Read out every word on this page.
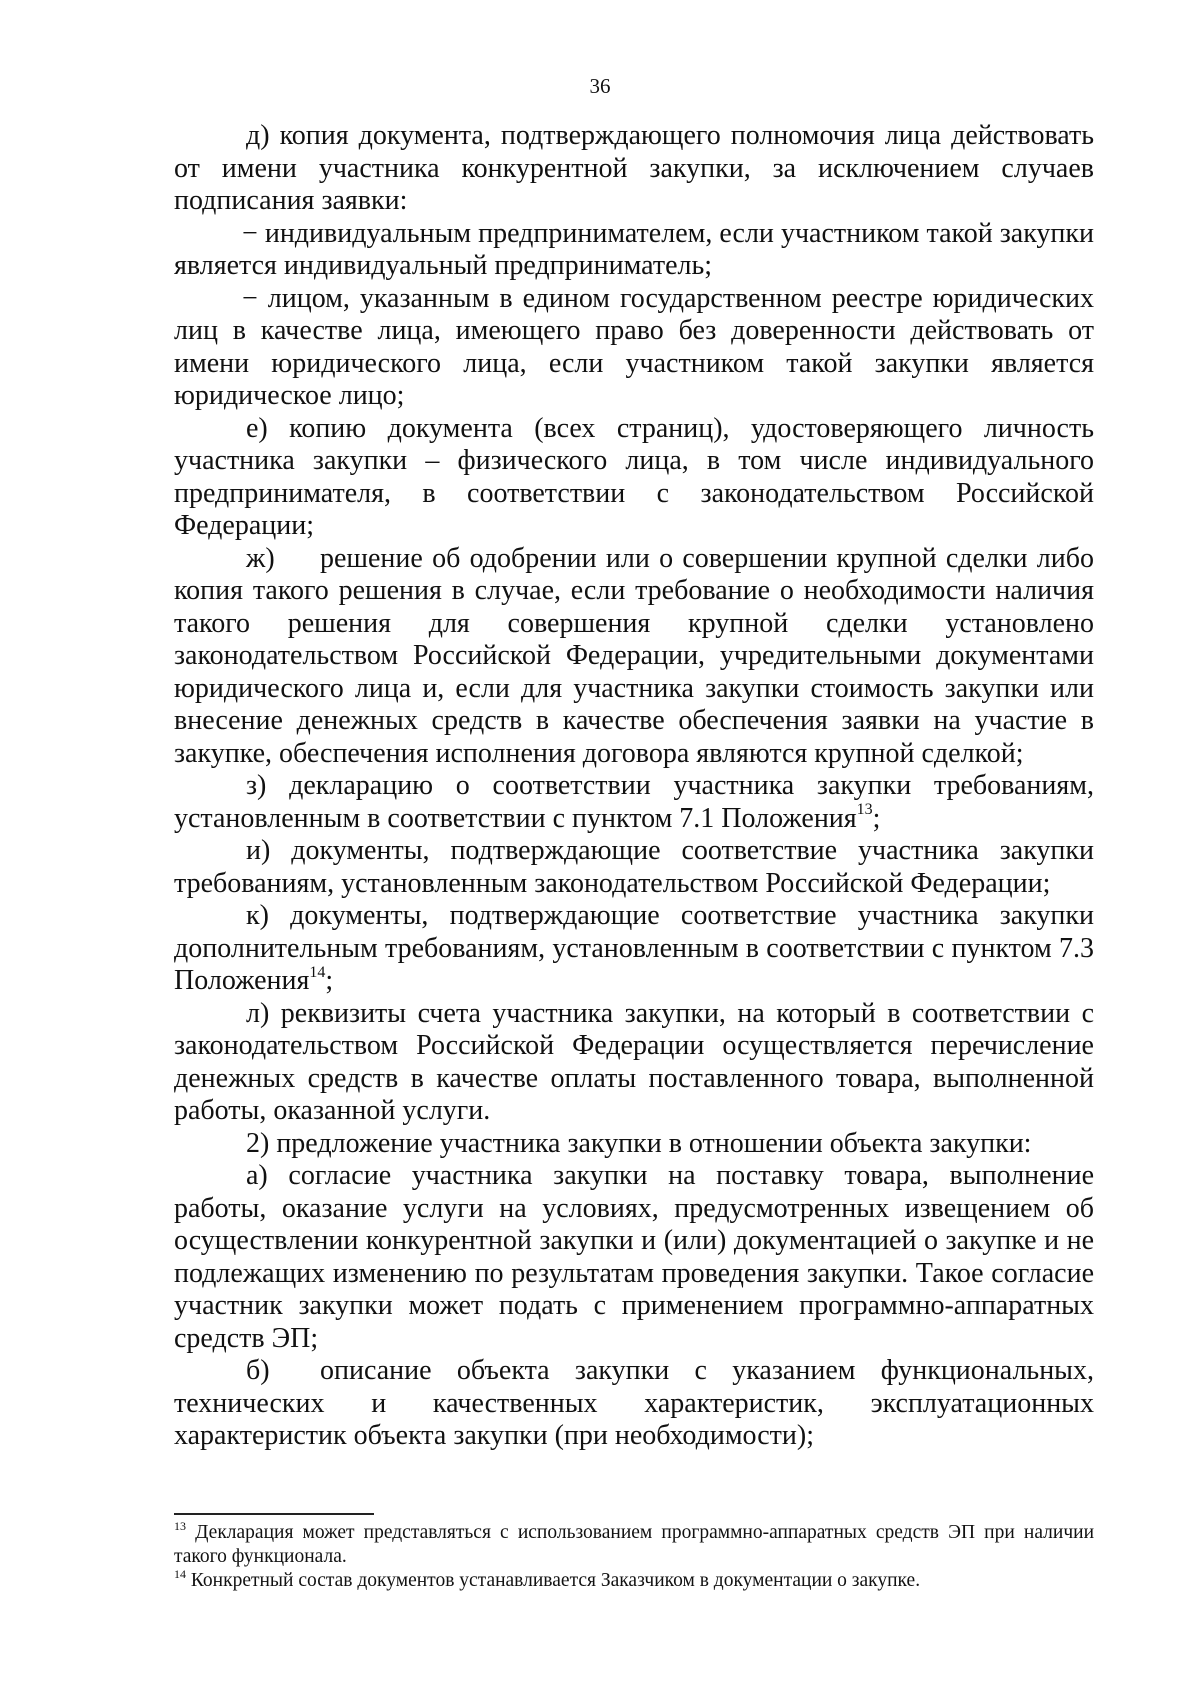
36

д) копия документа, подтверждающего полномочия лица действовать от имени участника конкурентной закупки, за исключением случаев подписания заявки:

− индивидуальным предпринимателем, если участником такой закупки является индивидуальный предприниматель;

− лицом, указанным в едином государственном реестре юридических лиц в качестве лица, имеющего право без доверенности действовать от имени юридического лица, если участником такой закупки является юридическое лицо;

е) копию документа (всех страниц), удостоверяющего личность участника закупки – физического лица, в том числе индивидуального предпринимателя, в соответствии с законодательством Российской Федерации;

ж) решение об одобрении или о совершении крупной сделки либо копия такого решения в случае, если требование о необходимости наличия такого решения для совершения крупной сделки установлено законодательством Российской Федерации, учредительными документами юридического лица и, если для участника закупки стоимость закупки или внесение денежных средств в качестве обеспечения заявки на участие в закупке, обеспечения исполнения договора являются крупной сделкой;

з) декларацию о соответствии участника закупки требованиям, установленным в соответствии с пунктом 7.1 Положения$^{13}$;

и) документы, подтверждающие соответствие участника закупки требованиям, установленным законодательством Российской Федерации;

к) документы, подтверждающие соответствие участника закупки дополнительным требованиям, установленным в соответствии с пунктом 7.3 Положения$^{14}$;

л) реквизиты счета участника закупки, на который в соответствии с законодательством Российской Федерации осуществляется перечисление денежных средств в качестве оплаты поставленного товара, выполненной работы, оказанной услуги.

2) предложение участника закупки в отношении объекта закупки:

а) согласие участника закупки на поставку товара, выполнение работы, оказание услуги на условиях, предусмотренных извещением об осуществлении конкурентной закупки и (или) документацией о закупке и не подлежащих изменению по результатам проведения закупки. Такое согласие участник закупки может подать с применением программно-аппаратных средств ЭП;

б) описание объекта закупки с указанием функциональных, технических и качественных характеристик, эксплуатационных характеристик объекта закупки (при необходимости);

$^{13}$ Декларация может представляться с использованием программно-аппаратных средств ЭП при наличии такого функционала.

$^{14}$ Конкретный состав документов устанавливается Заказчиком в документации о закупке.
